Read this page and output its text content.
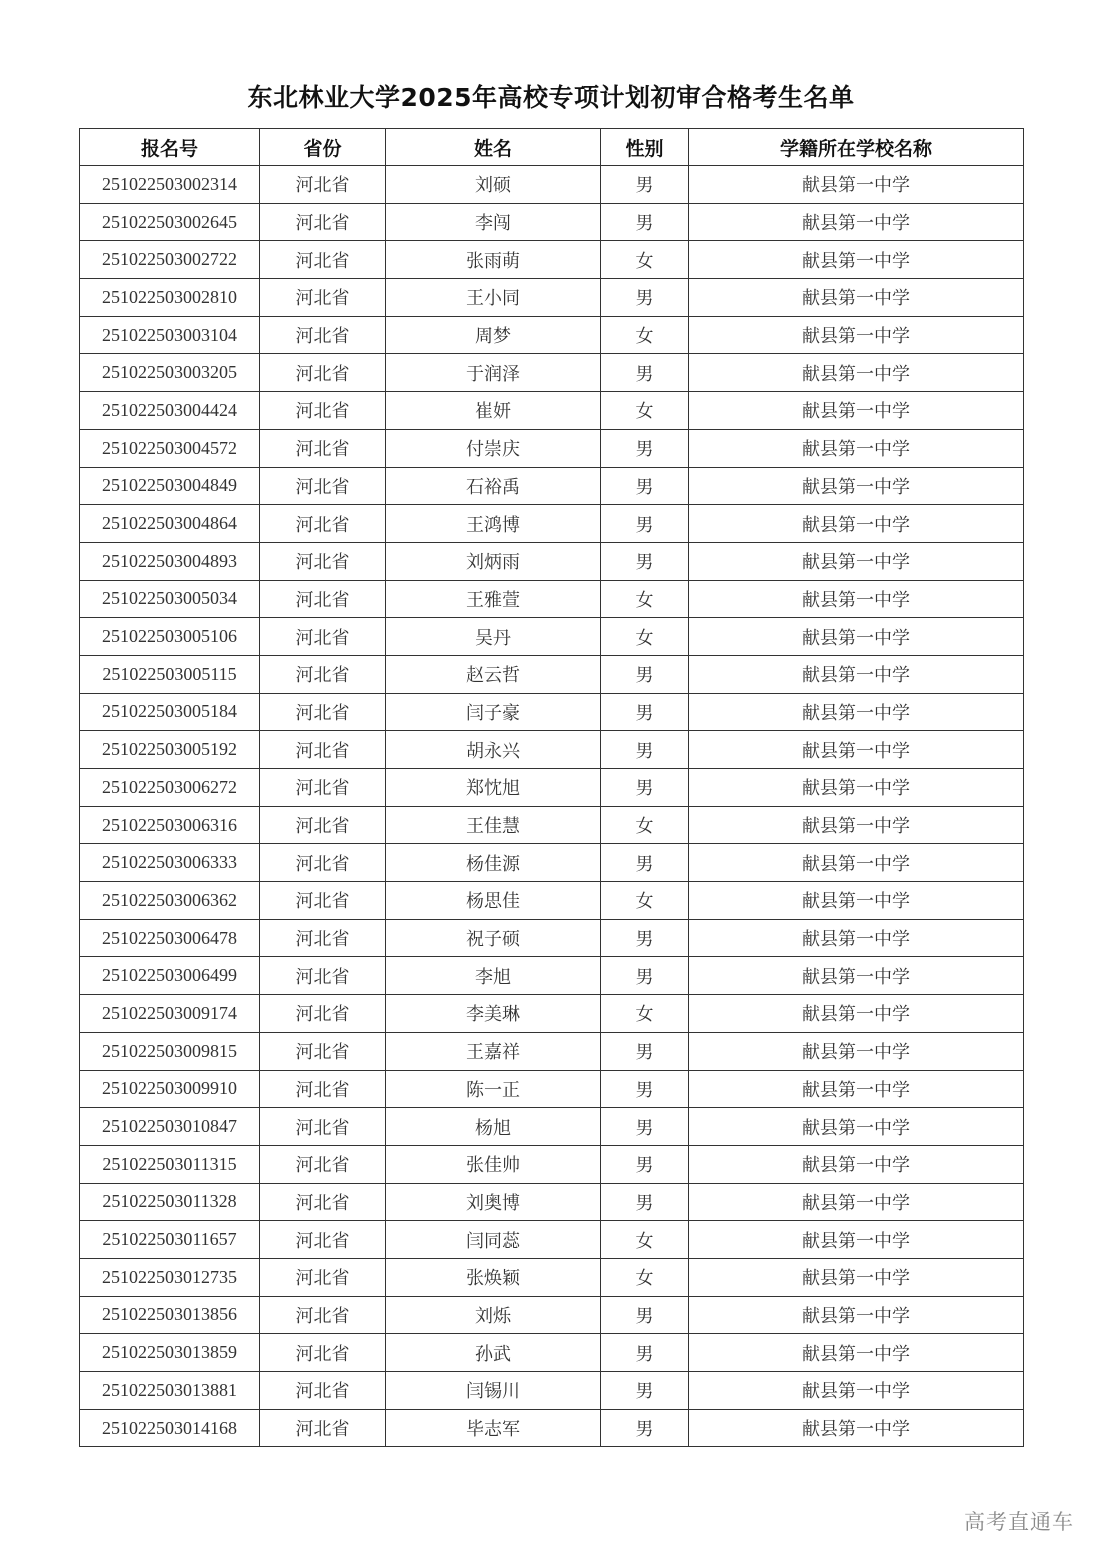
东北林业大学2025年高校专项计划初审合格考生名单
报名号	省份	姓名	性别	学籍所在学校名称
251022503002314	河北省	刘硕	男	献县第一中学
251022503002645	河北省	李闯	男	献县第一中学
251022503002722	河北省	张雨萌	女	献县第一中学
251022503002810	河北省	王小同	男	献县第一中学
251022503003104	河北省	周梦	女	献县第一中学
251022503003205	河北省	于润泽	男	献县第一中学
251022503004424	河北省	崔妍	女	献县第一中学
251022503004572	河北省	付崇庆	男	献县第一中学
251022503004849	河北省	石裕禹	男	献县第一中学
251022503004864	河北省	王鸿博	男	献县第一中学
251022503004893	河北省	刘炳雨	男	献县第一中学
251022503005034	河北省	王雅萱	女	献县第一中学
251022503005106	河北省	吴丹	女	献县第一中学
251022503005115	河北省	赵云哲	男	献县第一中学
251022503005184	河北省	闫子豪	男	献县第一中学
251022503005192	河北省	胡永兴	男	献县第一中学
251022503006272	河北省	郑忱旭	男	献县第一中学
251022503006316	河北省	王佳慧	女	献县第一中学
251022503006333	河北省	杨佳源	男	献县第一中学
251022503006362	河北省	杨思佳	女	献县第一中学
251022503006478	河北省	祝子硕	男	献县第一中学
251022503006499	河北省	李旭	男	献县第一中学
251022503009174	河北省	李美琳	女	献县第一中学
251022503009815	河北省	王嘉祥	男	献县第一中学
251022503009910	河北省	陈一正	男	献县第一中学
251022503010847	河北省	杨旭	男	献县第一中学
251022503011315	河北省	张佳帅	男	献县第一中学
251022503011328	河北省	刘奥博	男	献县第一中学
251022503011657	河北省	闫同蕊	女	献县第一中学
251022503012735	河北省	张焕颖	女	献县第一中学
251022503013856	河北省	刘烁	男	献县第一中学
251022503013859	河北省	孙武	男	献县第一中学
251022503013881	河北省	闫锡川	男	献县第一中学
251022503014168	河北省	毕志军	男	献县第一中学
高考直通车
